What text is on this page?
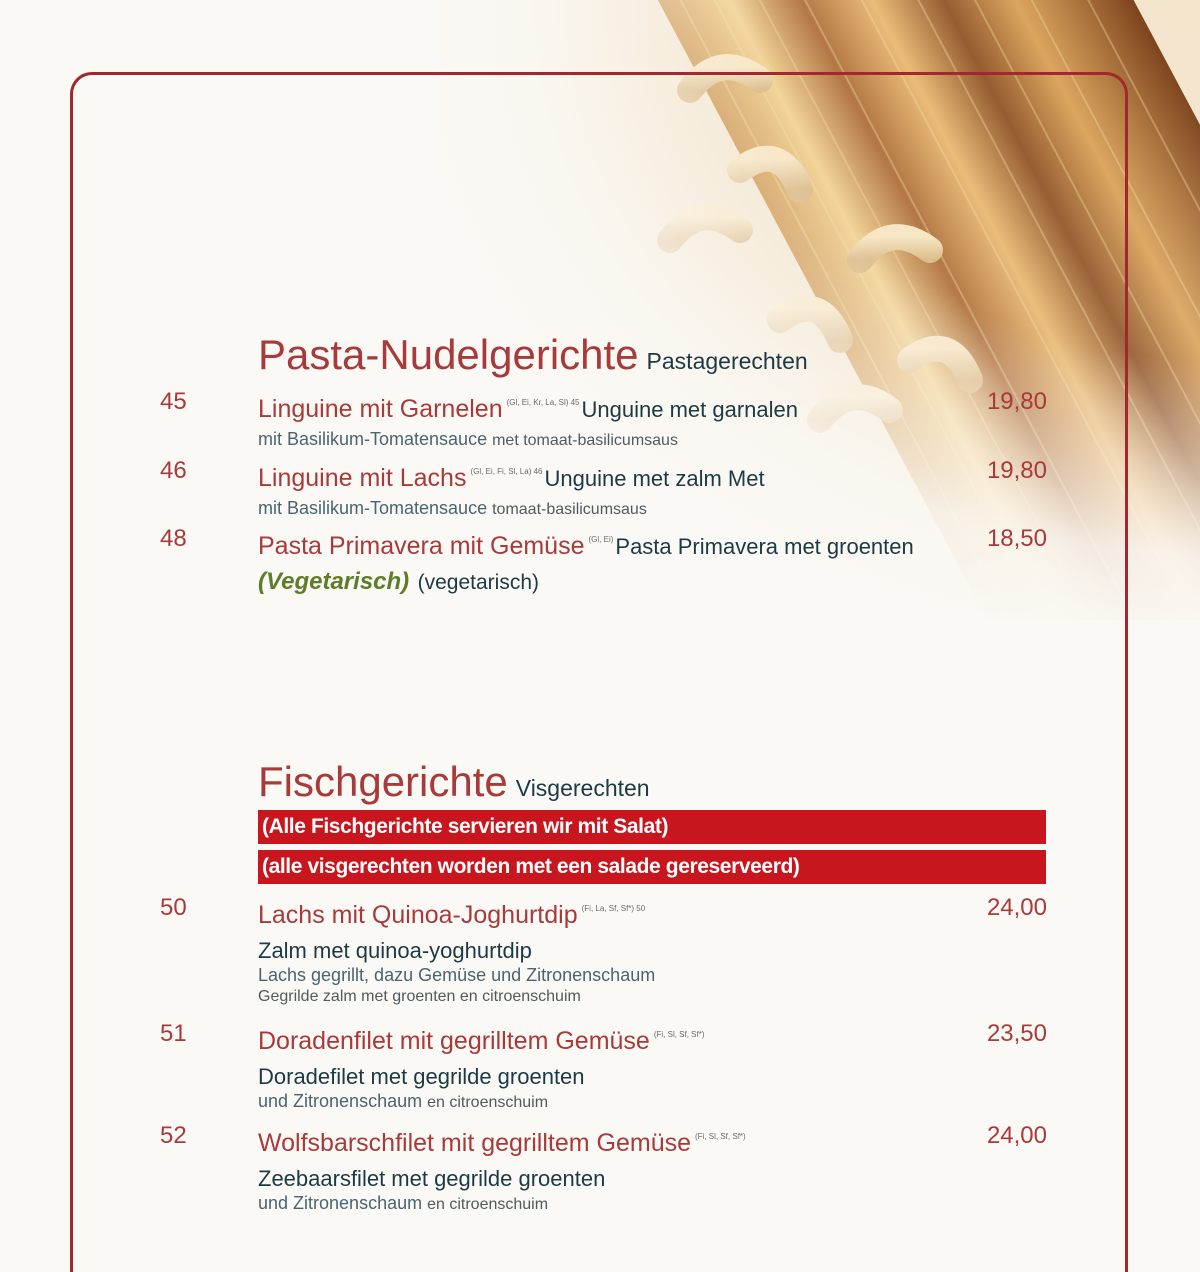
Pasta-Nudelgerichte Pastagerechten
45	Linguine mit Garnelen $^{(Gl, Ei, Kr, La, Sl) 45}$Unguine met garnalen
mit Basilikum-Tomatensauce met tomaat-basilicumsaus
19,80
46	Linguine mit Lachs $^{(Gl, Ei, Fi, Sl, La) 46}$Unguine met zalm Met
mit Basilikum-Tomatensauce tomaat-basilicumsaus
19,80
48	Pasta Primavera mit Gemüse $^{(Gl, Ei)}$Pasta Primavera met groenten
(Vegetarisch) (vegetarisch)
18,50
Fischgerichte Visgerechten
(Alle Fischgerichte servieren wir mit Salat)
(alle visgerechten worden met een salade gereserveerd)
50	Lachs mit Quinoa-Joghurtdip $^{(Fi, La, Sf, Sf*) 50}$
Zalm met quinoa-yoghurtdip
Lachs gegrillt, dazu Gemüse und Zitronenschaum
Gegrilde zalm met groenten en citroenschuim
24,00
51	Doradenfilet mit gegrilltem Gemüse $^{(Fi, Sl, Sf, Sf*)}$
Doradefilet met gegrilde groenten
und Zitronenschaum en citroenschuim
23,50
52	Wolfsbarschfilet mit gegrilltem Gemüse $^{(Fi, Sl, Sf, Sf*)}$
Zeebaarsfilet met gegrilde groenten
und Zitronenschaum en citroenschuim
24,00
